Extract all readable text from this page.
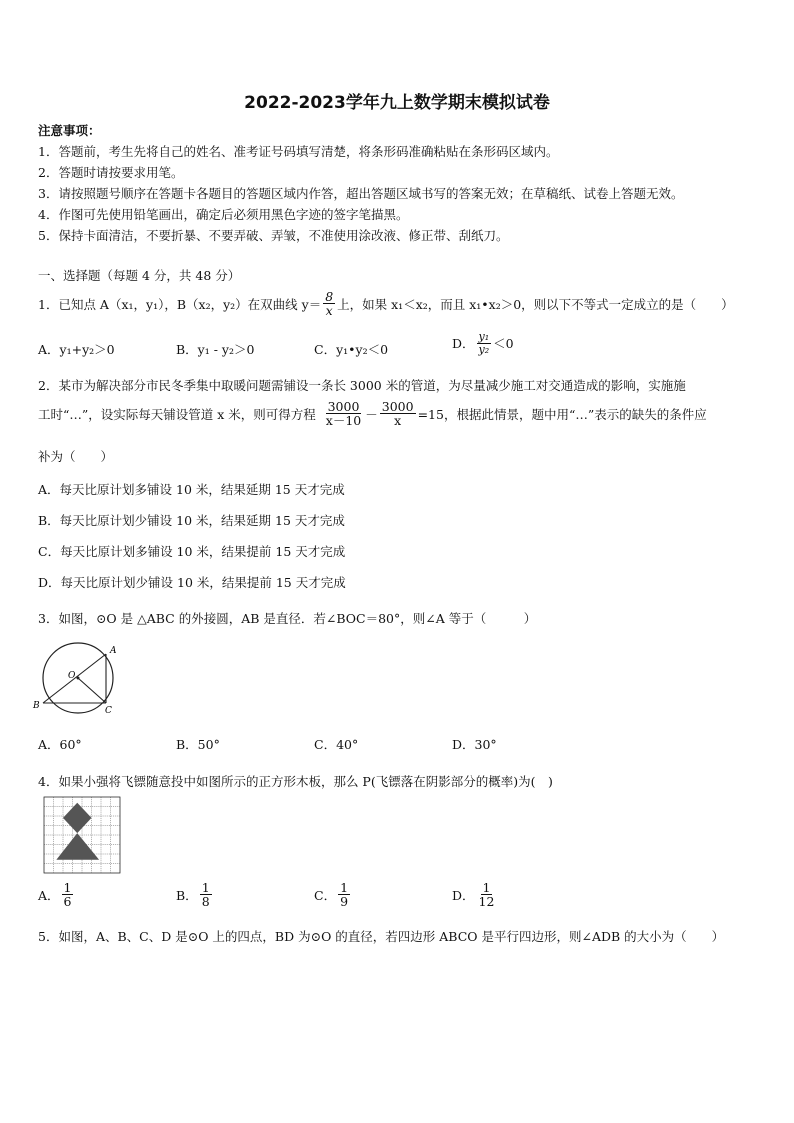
2022-2023学年九上数学期末模拟试卷
注意事项：
1．答题前，考生先将自己的姓名、准考证号码填写清楚，将条形码准确粘贴在条形码区域内。
2．答题时请按要求用笔。
3．请按照题号顺序在答题卡各题目的答题区域内作答，超出答题区域书写的答案无效；在草稿纸、试卷上答题无效。
4．作图可先使用铅笔画出，确定后必须用黑色字迹的签字笔描黑。
5．保持卡面清洁，不要折暴、不要弄破、弄皱，不准使用涂改液、修正带、刮纸刀。
一、选择题（每题 4 分，共 48 分）
1．已知点 A（x₁，y₁），B（x₂，y₂）在双曲线 $y= \frac{8}{x}$ 上，如果 x₁＜x₂，而且 x₁•x₂＞0，则以下不等式一定成立的是（　　）
A．y₁+y₂＞0	B．y₁ - y₂＞0	C．y₁•y₂＜0	D． $\frac{\text{y₁}}{\text{y₂}} <0$
2．某市为解决部分市民冬季集中取暖问题需铺设一条长 3000 米的管道，为尽量减少施工对交通造成的影响，实施施
工时“…”，设实际每天铺设管道 x 米，则可得方程 $\frac{3000}{x-10} - \frac{3000}{x} =15$，根据此情景，题中用“…”表示的缺失的条件应
补为（　　）
A．每天比原计划多铺设 10 米，结果延期 15 天才完成
B．每天比原计划少铺设 10 米，结果延期 15 天才完成
C．每天比原计划多铺设 10 米，结果提前 15 天才完成
D．每天比原计划少铺设 10 米，结果提前 15 天才完成
3．如图，⊙O 是 △ABC 的外接圆，AB 是直径．若∠BOC＝80°，则∠A 等于（　　　）
A
B	C
O
A．60°	B．50°	C．40°	D．30°
4．如果小强将飞镖随意投中如图所示的正方形木板，那么 P(飞镖落在阴影部分的概率)为(　)
A． $\frac{1}{6}$	B． $\frac{1}{8}$	C． $\frac{1}{9}$	D． $\frac{1}{12}$
5．如图，A、B、C、D 是⊙O 上的四点，BD 为⊙O 的直径，若四边形 ABCO 是平行四边形，则∠ADB 的大小为（　　）
